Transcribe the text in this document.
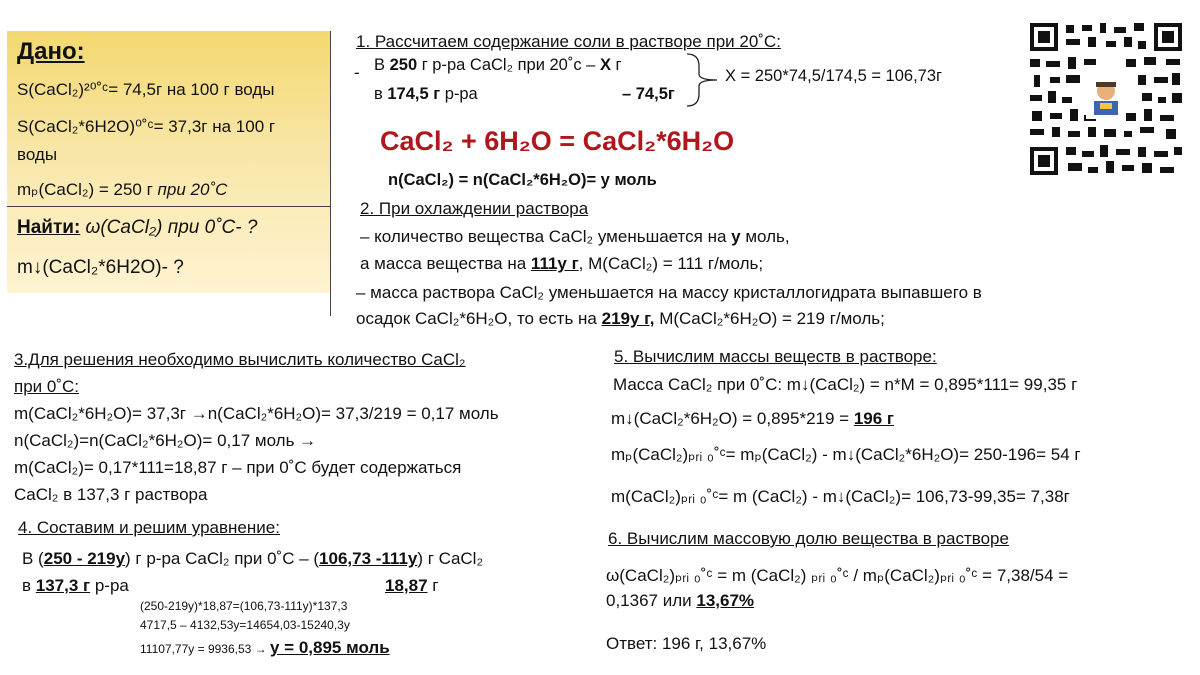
Дано:
S(CaCl₂)²⁰˚ᶜ= 74,5г на 100 г воды
S(CaCl₂*6H2O)⁰˚ᶜ= 37,3г на 100 г
воды
mₚ(CaCl₂) = 250 г при 20˚С
Найти: ω(CaCl₂) при 0˚С- ?
m↓(CaCl₂*6H2O)- ?
1. Рассчитаем содержание соли в растворе при 20˚С:
- В 250 г р-ра CaCl₂ при 20˚с – Х г
в 174,5 г р-ра	– 74,5г
Х = 250*74,5/174,5 = 106,73г
CaCl₂ + 6H₂O = CaCl₂*6H₂O
n(CaCl₂) = n(CaCl₂*6H₂O)= у моль
2. При охлаждении раствора
– количество вещества CaCl₂ уменьшается на у моль,
а масса вещества на 111у г, M(CaCl₂) = 111 г/моль;
– масса раствора CaCl₂ уменьшается на массу кристаллогидрата выпавшего в
осадок CaCl₂*6H₂O, то есть на 219у г, M(CaCl₂*6H₂O) = 219 г/моль;
3.Для решения необходимо вычислить количество CaCl₂
при 0˚С:
m(CaCl₂*6H₂O)= 37,3г →n(CaCl₂*6H₂O)= 37,3/219 = 0,17 моль
n(CaCl₂)=n(CaCl₂*6H₂O)= 0,17 моль →
m(CaCl₂)= 0,17*111=18,87 г – при 0˚С будет содержаться
CaCl₂ в 137,3 г раствора
4. Составим и решим уравнение:
В (250 - 219у) г р-ра CaCl₂ при 0˚С – (106,73 -111у) г CaCl₂
в 137,3 г р-ра	18,87 г
(250-219у)*18,87=(106,73-111у)*137,3
4717,5 – 4132,53у=14654,03-15240,3у
11107,77у = 9936,53 → у = 0,895 моль
5. Вычислим массы веществ в растворе:
Масса CaCl₂ при 0˚С: m↓(CaCl₂) = n*M = 0,895*111= 99,35 г
m↓(CaCl₂*6H₂O) = 0,895*219 = 196 г
mₚ(CaCl₂)ₚᵣᵢ ₀˚ᶜ= mₚ(CaCl₂) - m↓(CaCl₂*6H₂O)= 250-196= 54 г
m(CaCl₂)ₚᵣᵢ ₀˚ᶜ= m (CaCl₂) - m↓(CaCl₂)= 106,73-99,35= 7,38г
6. Вычислим массовую долю вещества в растворе
ω(CaCl₂)ₚᵣᵢ ₀˚ᶜ = m (CaCl₂) ₚᵣᵢ ₀˚ᶜ / mₚ(CaCl₂)ₚᵣᵢ ₀˚ᶜ = 7,38/54 =
0,1367 или 13,67%
Ответ: 196 г, 13,67%
